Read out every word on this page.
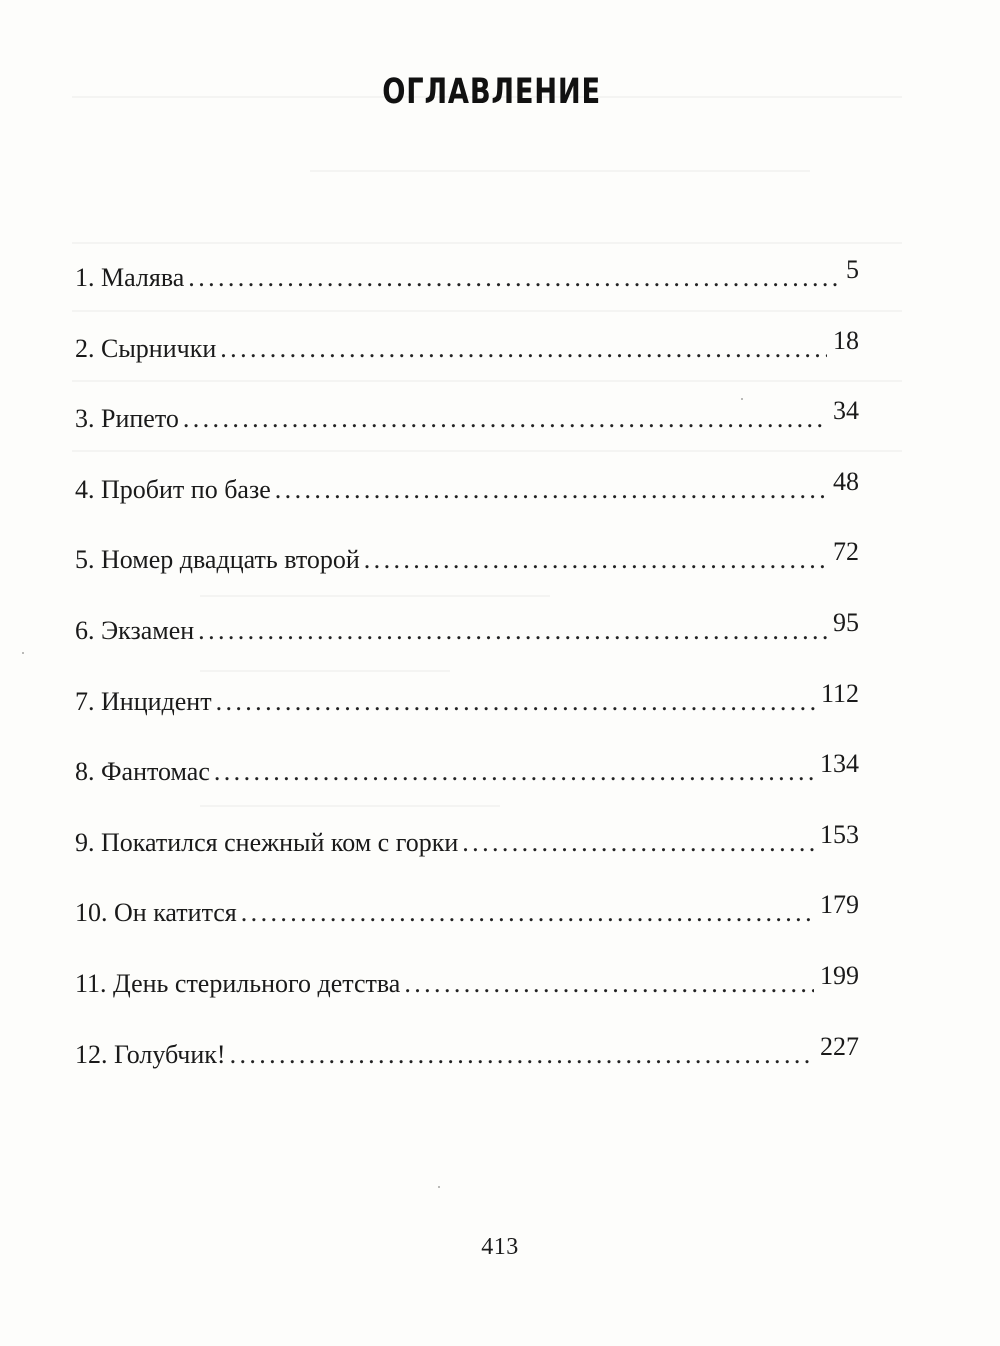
ОГЛАВЛЕНИЕ
1. Малява .....	5
2. Сырнички .....	18
3. Рипето .....	34
4. Пробит по базе .....	48
5. Номер двадцать второй .....	72
6. Экзамен .....	95
7. Инцидент .....	112
8. Фантомас .....	134
9. Покатился снежный ком с горки .....	153
10. Он катится .....	179
11. День стерильного детства .....	199
12. Голубчик! .....	227
413
